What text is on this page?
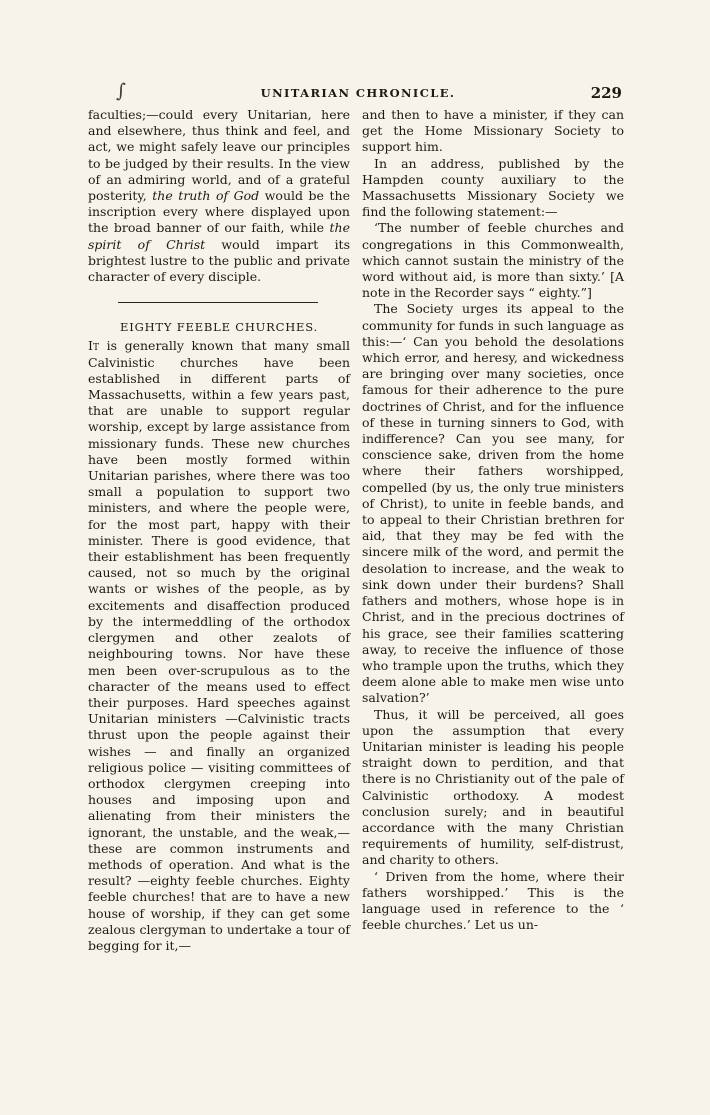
∫	UNITARIAN CHRONICLE.	229

faculties;—could every Unitarian, here and elsewhere, thus think and feel, and act, we might safely leave our principles to be judged by their results. In the view of an admiring world, and of a grateful posterity, the truth of God would be the inscription every where displayed upon the broad banner of our faith, while the spirit of Christ would impart its brightest lustre to the public and private character of every disciple.

EIGHTY FEEBLE CHURCHES.

It is generally known that many small Calvinistic churches have been established in different parts of Massachusetts, within a few years past, that are unable to support regular worship, except by large assistance from missionary funds. These new churches have been mostly formed within Unitarian parishes, where there was too small a population to support two ministers, and where the people were, for the most part, happy with their minister. There is good evidence, that their establishment has been frequently caused, not so much by the original wants or wishes of the people, as by excitements and disaffection produced by the intermeddling of the orthodox clergymen and other zealots of neighbouring towns. Nor have these men been over-scrupulous as to the character of the means used to effect their purposes. Hard speeches against Unitarian ministers —Calvinistic tracts thrust upon the people against their wishes — and finally an organized religious police — visiting committees of orthodox clergymen creeping into houses and imposing upon and alienating from their ministers the ignorant, the unstable, and the weak,—these are common instruments and methods of operation. And what is the result? —eighty feeble churches. Eighty feeble churches! that are to have a new house of worship, if they can get some zealous clergyman to undertake a tour of begging for it,—

and then to have a minister, if they can get the Home Missionary Society to support him.

In an address, published by the Hampden county auxiliary to the Massachusetts Missionary Society we find the following statement:—

‘The number of feeble churches and congregations in this Commonwealth, which cannot sustain the ministry of the word without aid, is more than sixty.’ [A note in the Recorder says “ eighty.”]

The Society urges its appeal to the community for funds in such language as this:—‘ Can you behold the desolations which error, and heresy, and wickedness are bringing over many societies, once famous for their adherence to the pure doctrines of Christ, and for the influence of these in turning sinners to God, with indifference? Can you see many, for conscience sake, driven from the home where their fathers worshipped, compelled (by us, the only true ministers of Christ), to unite in feeble bands, and to appeal to their Christian brethren for aid, that they may be fed with the sincere milk of the word, and permit the desolation to increase, and the weak to sink down under their burdens? Shall fathers and mothers, whose hope is in Christ, and in the precious doctrines of his grace, see their families scattering away, to receive the influence of those who trample upon the truths, which they deem alone able to make men wise unto salvation?’

Thus, it will be perceived, all goes upon the assumption that every Unitarian minister is leading his people straight down to perdition, and that there is no Christianity out of the pale of Calvinistic orthodoxy. A modest conclusion surely; and in beautiful accordance with the many Christian requirements of humility, self-distrust, and charity to others.

‘ Driven from the home, where their fathers worshipped.’ This is the language used in reference to the ‘ feeble churches.’ Let us un-
